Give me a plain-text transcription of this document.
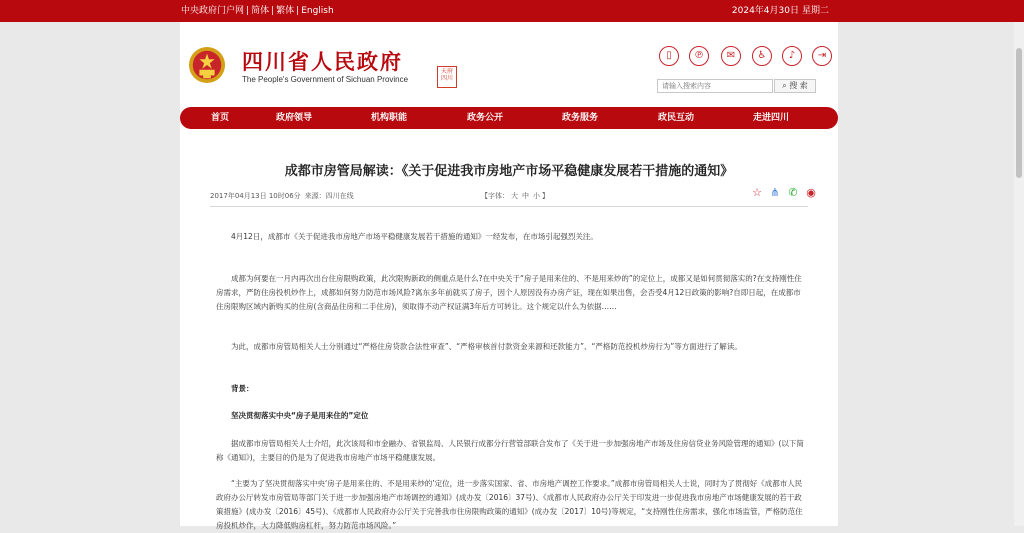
中央政府门户网 | 简体 | 繁体 | English	2024年4月30日 星期二
四川省人民政府
The People's Government of Sichuan Province
天府 四川
▯	℗	✉	♿	♪	⇥
请输入搜索内容
⌕ 搜 索
首页	政府领导	机构职能	政务公开	政务服务	政民互动	走进四川
成都市房管局解读：《关于促进我市房地产市场平稳健康发展若干措施的通知》
2017年04月13日 10时06分 来源：四川在线	【字体： 大 中 小 】	☆ ⋔ ✆ ◉

4月12日，成都市《关于促进我市房地产市场平稳健康发展若干措施的通知》一经发布，在市场引起强烈关注。

成都为何要在一月内再次出台住房限购政策，此次限购新政的侧重点是什么?在中央关于“房子是用来住的、不是用来炒的”的定位上，成都又是如何贯彻落实的?在支持刚性住房需求，严防住房投机炒作上，成都如何努力防范市场风险?离东多年前就买了房子，因个人原因没有办房产证，现在如果出售，会否受4月12日政策的影响?自即日起，在成都市住房限购区域内新购买的住房(含商品住房和二手住房)，须取得不动产权证满3年后方可转让。这个规定以什么为依据……

为此，成都市房管局相关人士分别通过“严格住房贷款合法性审查”、“严格审核首付款资金来源和还款能力”、“严格防范投机炒房行为”等方面进行了解读。

背景：

坚决贯彻落实中央“房子是用来住的”定位

据成都市房管局相关人士介绍，此次该局和市金融办、省银监局、人民银行成都分行营管部联合发布了《关于进一步加强房地产市场及住房信贷业务风险管理的通知》(以下简称《通知》)，主要目的仍是为了促进我市房地产市场平稳健康发展。

“主要为了坚决贯彻落实中央‘房子是用来住的、不是用来炒的’定位，进一步落实国家、省、市房地产调控工作要求。”成都市房管局相关人士说，同时为了贯彻好《成都市人民政府办公厅转发市房管局等部门关于进一步加强房地产市场调控的通知》(成办发〔2016〕37号)、《成都市人民政府办公厅关于印发进一步促进我市房地产市场健康发展的若干政策措施》(成办发〔2016〕45号)、《成都市人民政府办公厅关于完善我市住房限购政策的通知》(成办发〔2017〕10号)等规定，“支持刚性住房需求，强化市场监管，严格防范住房投机炒作，大力降低购房杠杆，努力防范市场风险。”
